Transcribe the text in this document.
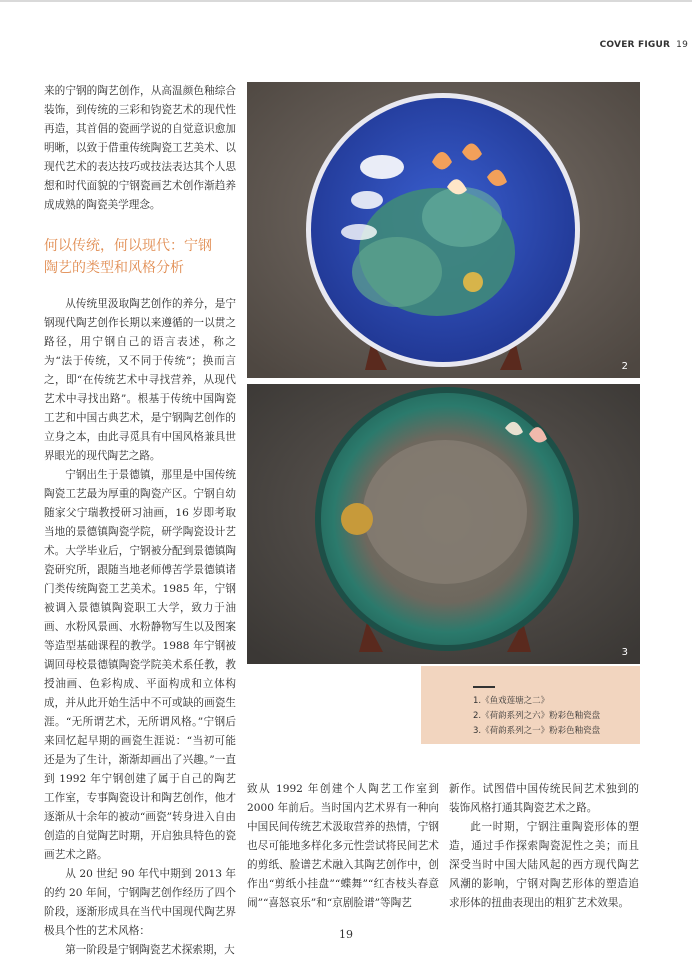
COVER FIGUR 19

来的宁钢的陶艺创作，从高温颜色釉综合装饰，到传统的三彩和钧瓷艺术的现代性再造，其首倡的瓷画学说的自觉意识愈加明晰，以致于借重传统陶瓷工艺美术、以现代艺术的表达技巧或技法表达其个人思想和时代面貌的宁钢瓷画艺术创作渐趋养成成熟的陶瓷美学理念。

何以传统，何以现代：宁钢
陶艺的类型和风格分析

从传统里汲取陶艺创作的养分，是宁钢现代陶艺创作长期以来遵循的一以贯之路径，用宁钢自己的语言表述，称之为“法于传统，又不同于传统”；换而言之，即“在传统艺术中寻找营养，从现代艺术中寻找出路”。根基于传统中国陶瓷工艺和中国古典艺术，是宁钢陶艺创作的立身之本，由此寻觅具有中国风格兼具世界眼光的现代陶艺之路。

宁钢出生于景德镇，那里是中国传统陶瓷工艺最为厚重的陶瓷产区。宁钢自幼随家父宁瑞教授研习油画，16 岁即考取当地的景德镇陶瓷学院，研学陶瓷设计艺术。大学毕业后，宁钢被分配到景德镇陶瓷研究所，跟随当地老师傅苦学景德镇诸门类传统陶瓷工艺美术。1985 年，宁钢被调入景德镇陶瓷职工大学，致力于油画、水粉风景画、水粉静物写生以及图案等造型基础课程的教学。1988 年宁钢被调回母校景德镇陶瓷学院美术系任教，教授油画、色彩构成、平面构成和立体构成，并从此开始生活中不可或缺的画瓷生涯。“无所谓艺术，无所谓风格。”宁钢后来回忆起早期的画瓷生涯说：“当初可能还是为了生计，渐渐却画出了兴趣。”一直到 1992 年宁钢创建了属于自己的陶艺工作室，专事陶瓷设计和陶艺创作，他才逐渐从十余年的被动“画瓷”转身进入自由创造的自觉陶艺时期，开启独具特色的瓷画艺术之路。

从 20 世纪 90 年代中期到 2013 年的约 20 年间，宁钢陶艺创作经历了四个阶段，逐渐形成具在当代中国现代陶艺界极具个性的艺术风格：

第一阶段是宁钢陶瓷艺术探索期，大

2
3
1.《鱼戏莲塘之二》
2.《荷韵系列之六》粉彩色釉瓷盘
3.《荷韵系列之一》粉彩色釉瓷盘

致从 1992 年创建个人陶艺工作室到 2000 年前后。当时国内艺术界有一种向中国民间传统艺术汲取营养的热情，宁钢也尽可能地多样化多元性尝试将民间艺术的剪纸、脸谱艺术融入其陶艺创作中，创作出“剪纸小挂盘”“蝶舞”“红杏枝头春意闹”“喜怒哀乐”和“京剧脸谱”等陶艺

新作。试图借中国传统民间艺术独到的装饰风格打通其陶瓷艺术之路。

此一时期，宁钢注重陶瓷形体的塑造，通过手作探索陶瓷泥性之美；而且深受当时中国大陆风起的西方现代陶艺风潮的影响，宁钢对陶艺形体的塑造追求形体的扭曲表现出的粗犷艺术效果。

19
